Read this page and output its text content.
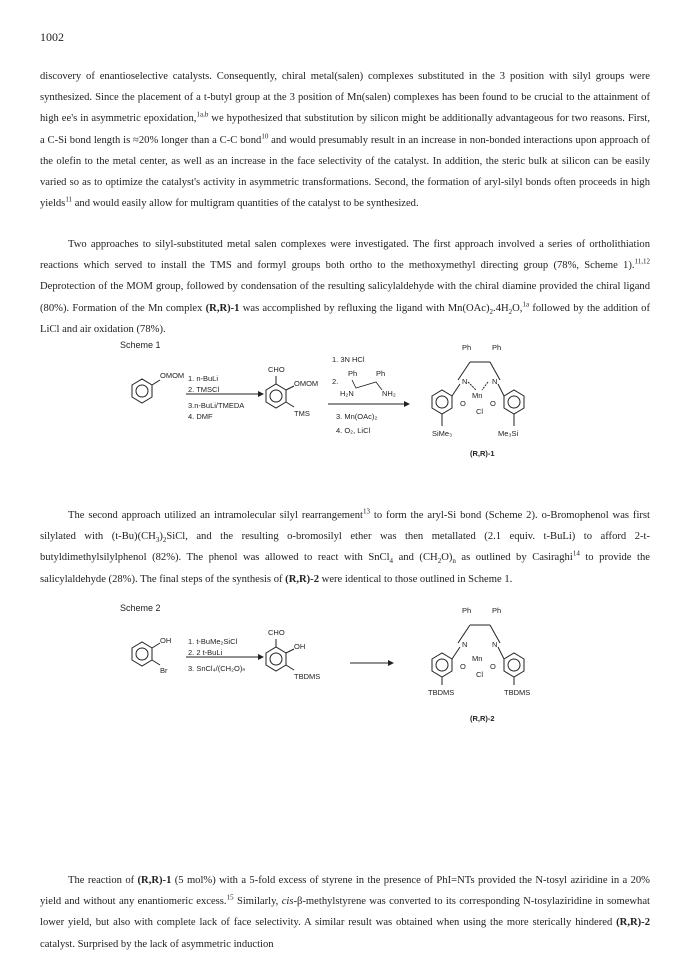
1002

discovery of enantioselective catalysts. Consequently, chiral metal(salen) complexes substituted in the 3 position with silyl groups were synthesized. Since the placement of a t-butyl group at the 3 position of Mn(salen) complexes has been found to be crucial to the attainment of high ee's in asymmetric epoxidation,$^{1a,b}$ we hypothesized that substitution by silicon might be additionally advantageous for two reasons. First, a C-Si bond length is ≈20% longer than a C-C bond$^{10}$ and would presumably result in an increase in non-bonded interactions upon approach of the olefin to the metal center, as well as an increase in the face selectivity of the catalyst. In addition, the steric bulk at silicon can be easily varied so as to optimize the catalyst's activity in asymmetric transformations. Second, the formation of aryl-silyl bonds often proceeds in high yields$^{11}$ and would easily allow for multigram quantities of the catalyst to be synthesized.

Two approaches to silyl-substituted metal salen complexes were investigated. The first approach involved a series of ortholithiation reactions which served to install the TMS and formyl groups both ortho to the methoxymethyl directing group (78%, Scheme 1).$^{11,12}$ Deprotection of the MOM group, followed by condensation of the resulting salicylaldehyde with the chiral diamine provided the chiral ligand (80%). Formation of the Mn complex (R,R)-1 was accomplished by refluxing the ligand with $Mn(OAc)_2.4H_2O,^{1a}$ followed by the addition of LiCl and air oxidation (78%).

Scheme 1
OMOM 1. n-BuLi
2. TMSCl
3.n-BuLi/TMEDA
4. DMF
CHO
OMOM
TMS
1. 3N HCl
2.
Ph	Ph
H₂N	NH₂
3. Mn(OAc)₂
4. O₂, LiCl
Ph	Ph
N	N
Mn
O	O
Cl
SiMe₃	Me₃Si
(R,R)-1

The second approach utilized an intramolecular silyl rearrangement$^{13}$ to form the aryl-Si bond (Scheme 2). o-Bromophenol was first silylated with $(t-Bu)(CH_3)_2SiCl$, and the resulting o-bromosilyl ether was then metallated (2.1 equiv. t-BuLi) to afford 2-t-butyldimethylsilylphenol (82%). The phenol was allowed to react with SnCl$_4$ and $(CH_2O)_n$ as outlined by Casiraghi$^{14}$ to provide the salicylaldehyde (28%). The final steps of the synthesis of (R,R)-2 were identical to those outlined in Scheme 1.

Scheme 2
OH
Br
1. t-BuMe₂SiCl
2. 2 t-BuLi
3. SnCl₄/(CH₂O)ₙ
CHO
OH
TBDMS
Ph	Ph
N	N
Mn
O	O
Cl
TBDMS	TBDMS
(R,R)-2

The reaction of (R,R)-1 (5 mol%) with a 5-fold excess of styrene in the presence of PhI=NTs provided the N-tosyl aziridine in a 20% yield and without any enantiomeric excess.$^{15}$ Similarly, cis-β-methylstyrene was converted to its corresponding N-tosylaziridine in somewhat lower yield, but also with complete lack of face selectivity. A similar result was obtained when using the more sterically hindered (R,R)-2 catalyst. Surprised by the lack of asymmetric induction
